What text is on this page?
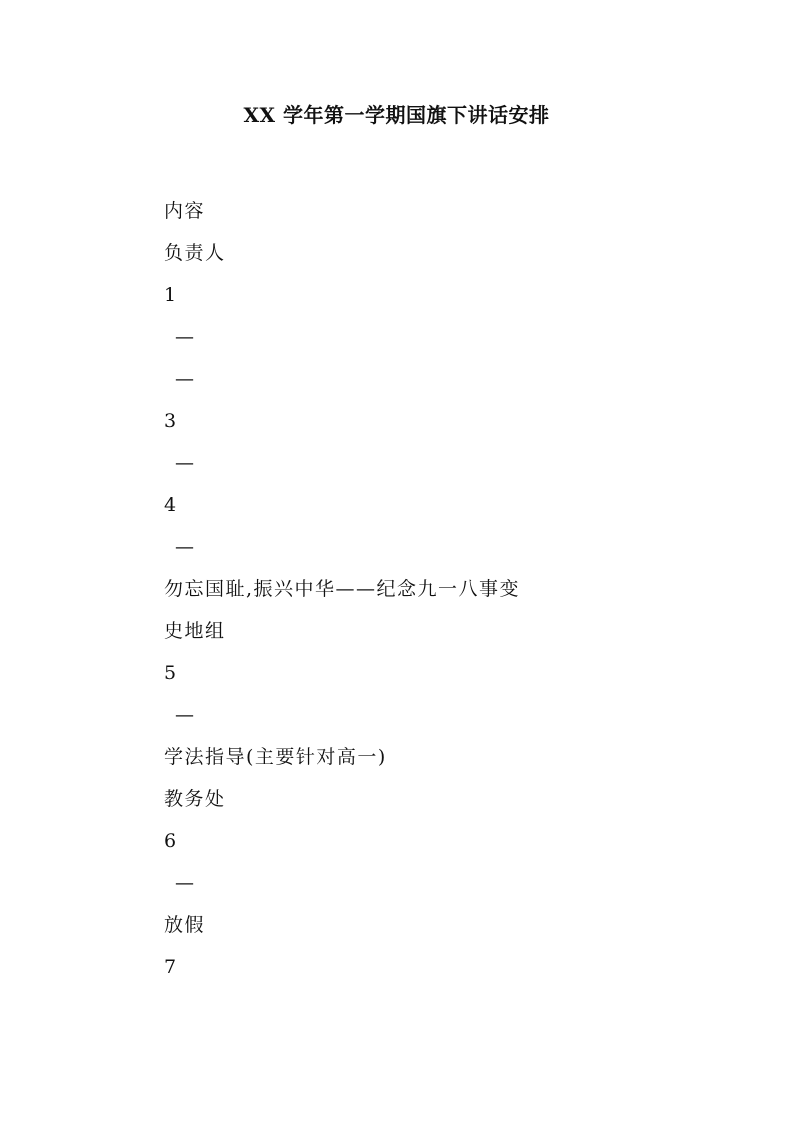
XX 学年第一学期国旗下讲话安排
内容
负责人
1
—
—
3
—
4
—
勿忘国耻,振兴中华——纪念九一八事变
史地组
5
—
学法指导(主要针对高一)
教务处
6
—
放假
7
